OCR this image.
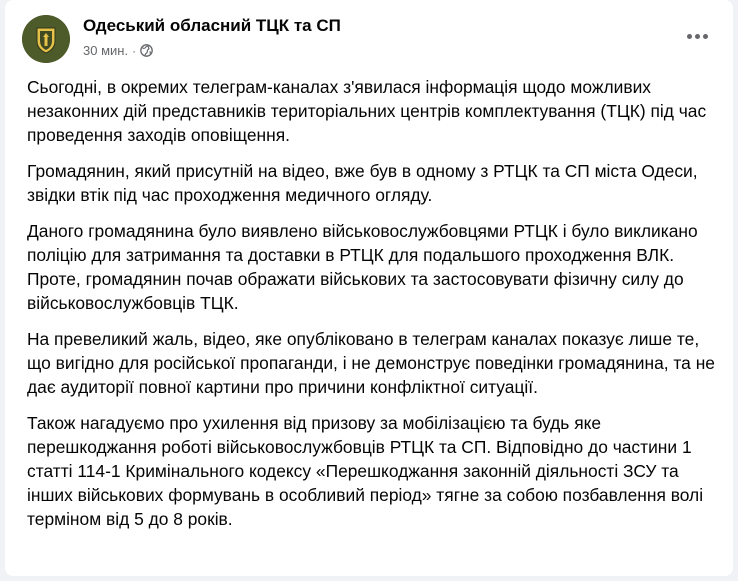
Одеський обласний ТЦК та СП
30 мин. ·

Сьогодні, в окремих телеграм-каналах з'явилася інформація щодо можливих незаконних дій представників територіальних центрів комплектування (ТЦК) під час проведення заходів оповіщення.

Громадянин, який присутній на відео, вже був в одному з РТЦК та СП міста Одеси, звідки втік під час проходження медичного огляду.

Даного громадянина було виявлено військовослужбовцями РТЦК і було викликано поліцію для затримання та доставки в РТЦК для подальшого проходження ВЛК. Проте, громадянин почав ображати військових та застосовувати фізичну силу до військовослужбовців ТЦК.

На превеликий жаль, відео, яке опубліковано в телеграм каналах показує лише те, що вигідно для російської пропаганди, і не демонструє поведінки громадянина, та не дає аудиторії повної картини про причини конфліктної ситуації.

Також нагадуємо про ухилення від призову за мобілізацією та будь яке перешкоджання роботі військовослужбовців РТЦК та СП. Відповідно до частини 1 статті 114-1 Кримінального кодексу «Перешкоджання законній діяльності ЗСУ та інших військових формувань в особливий період» тягне за собою позбавлення волі терміном від 5 до 8 років.
